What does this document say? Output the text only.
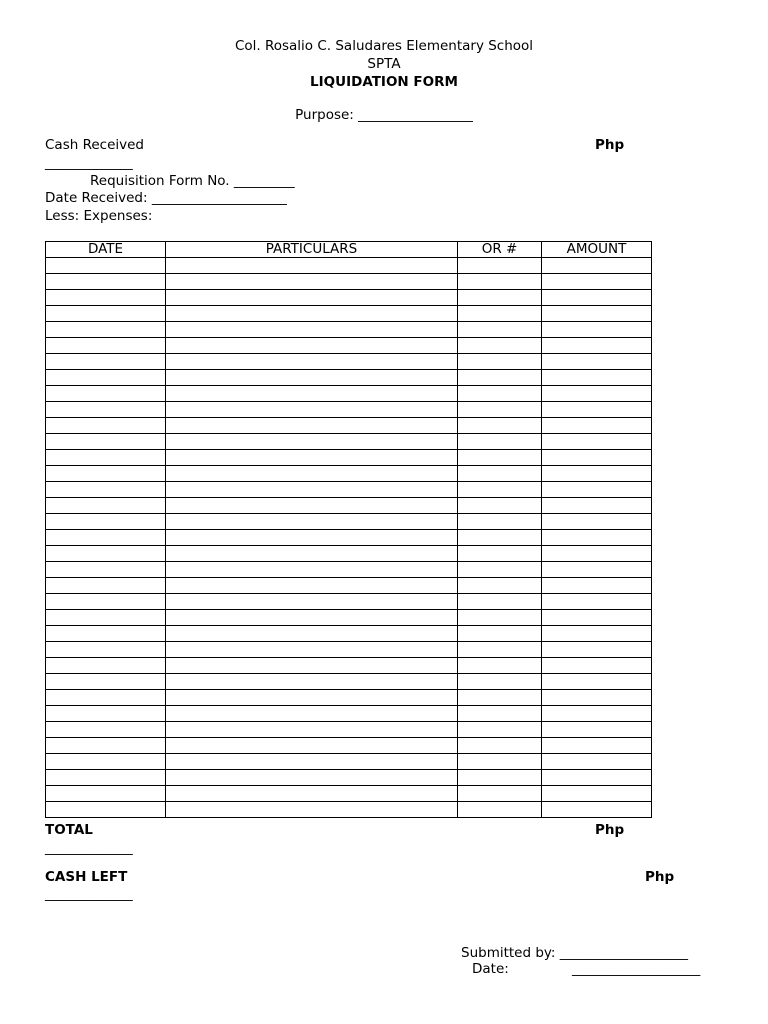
Col. Rosalio C. Saludares Elementary School
SPTA
LIQUIDATION FORM
Purpose: _________________
Cash Received	Php
_____________
Requisition Form No. _________
Date Received: ____________________
Less: Expenses:
DATE	PARTICULARS	OR #	AMOUNT

TOTAL	Php
_____________
CASH LEFT	Php
_____________
Submitted by: ___________________
Date:	___________________
